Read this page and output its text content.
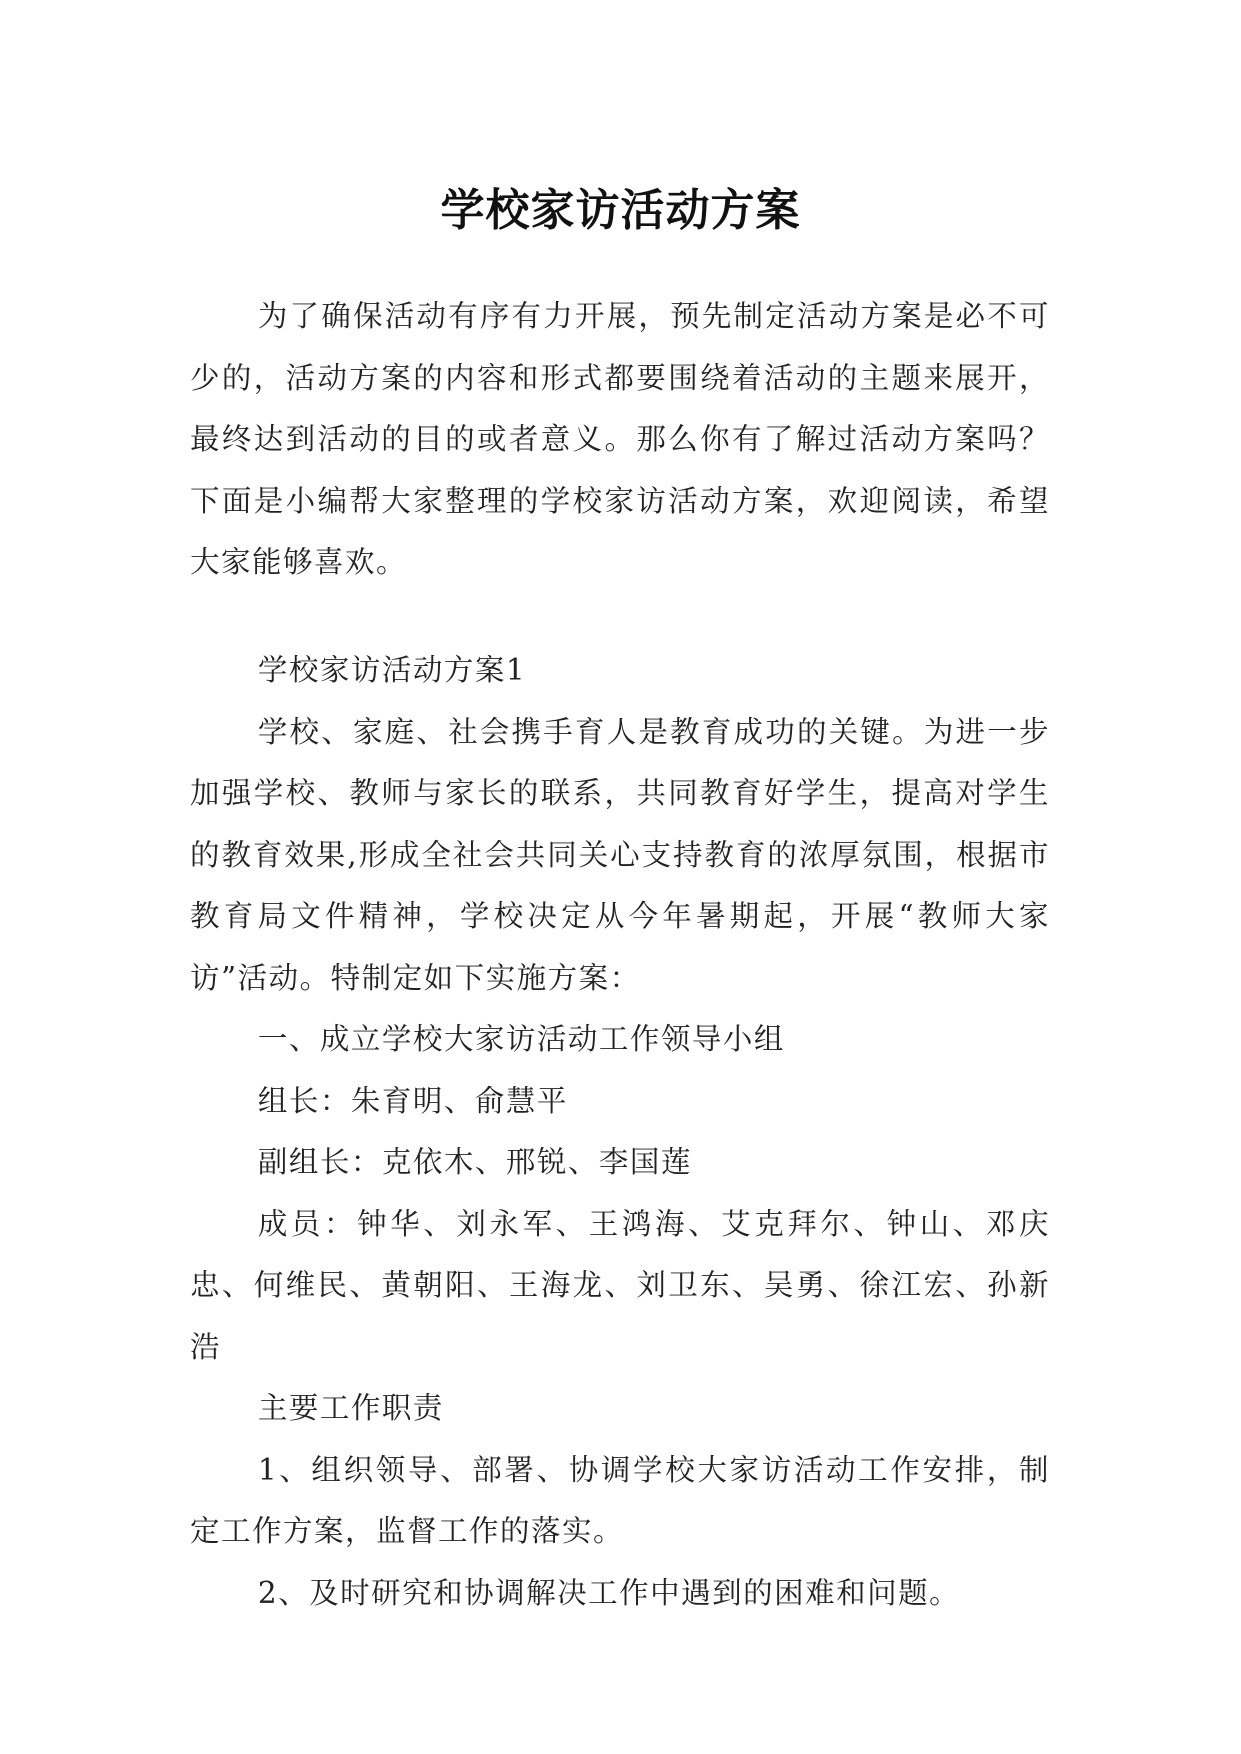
学校家访活动方案

为了确保活动有序有力开展，预先制定活动方案是必不可少的，活动方案的内容和形式都要围绕着活动的主题来展开，最终达到活动的目的或者意义。那么你有了解过活动方案吗？下面是小编帮大家整理的学校家访活动方案，欢迎阅读，希望大家能够喜欢。

学校家访活动方案1

学校、家庭、社会携手育人是教育成功的关键。为进一步加强学校、教师与家长的联系，共同教育好学生，提高对学生的教育效果,形成全社会共同关心支持教育的浓厚氛围，根据市教育局文件精神，学校决定从今年暑期起，开展“教师大家访”活动。特制定如下实施方案：

一、成立学校大家访活动工作领导小组

组长：朱育明、俞慧平

副组长：克依木、邢锐、李国莲

成员：钟华、刘永军、王鸿海、艾克拜尔、钟山、邓庆忠、何维民、黄朝阳、王海龙、刘卫东、吴勇、徐江宏、孙新浩

主要工作职责

1、组织领导、部署、协调学校大家访活动工作安排，制定工作方案，监督工作的落实。

2、及时研究和协调解决工作中遇到的困难和问题。
